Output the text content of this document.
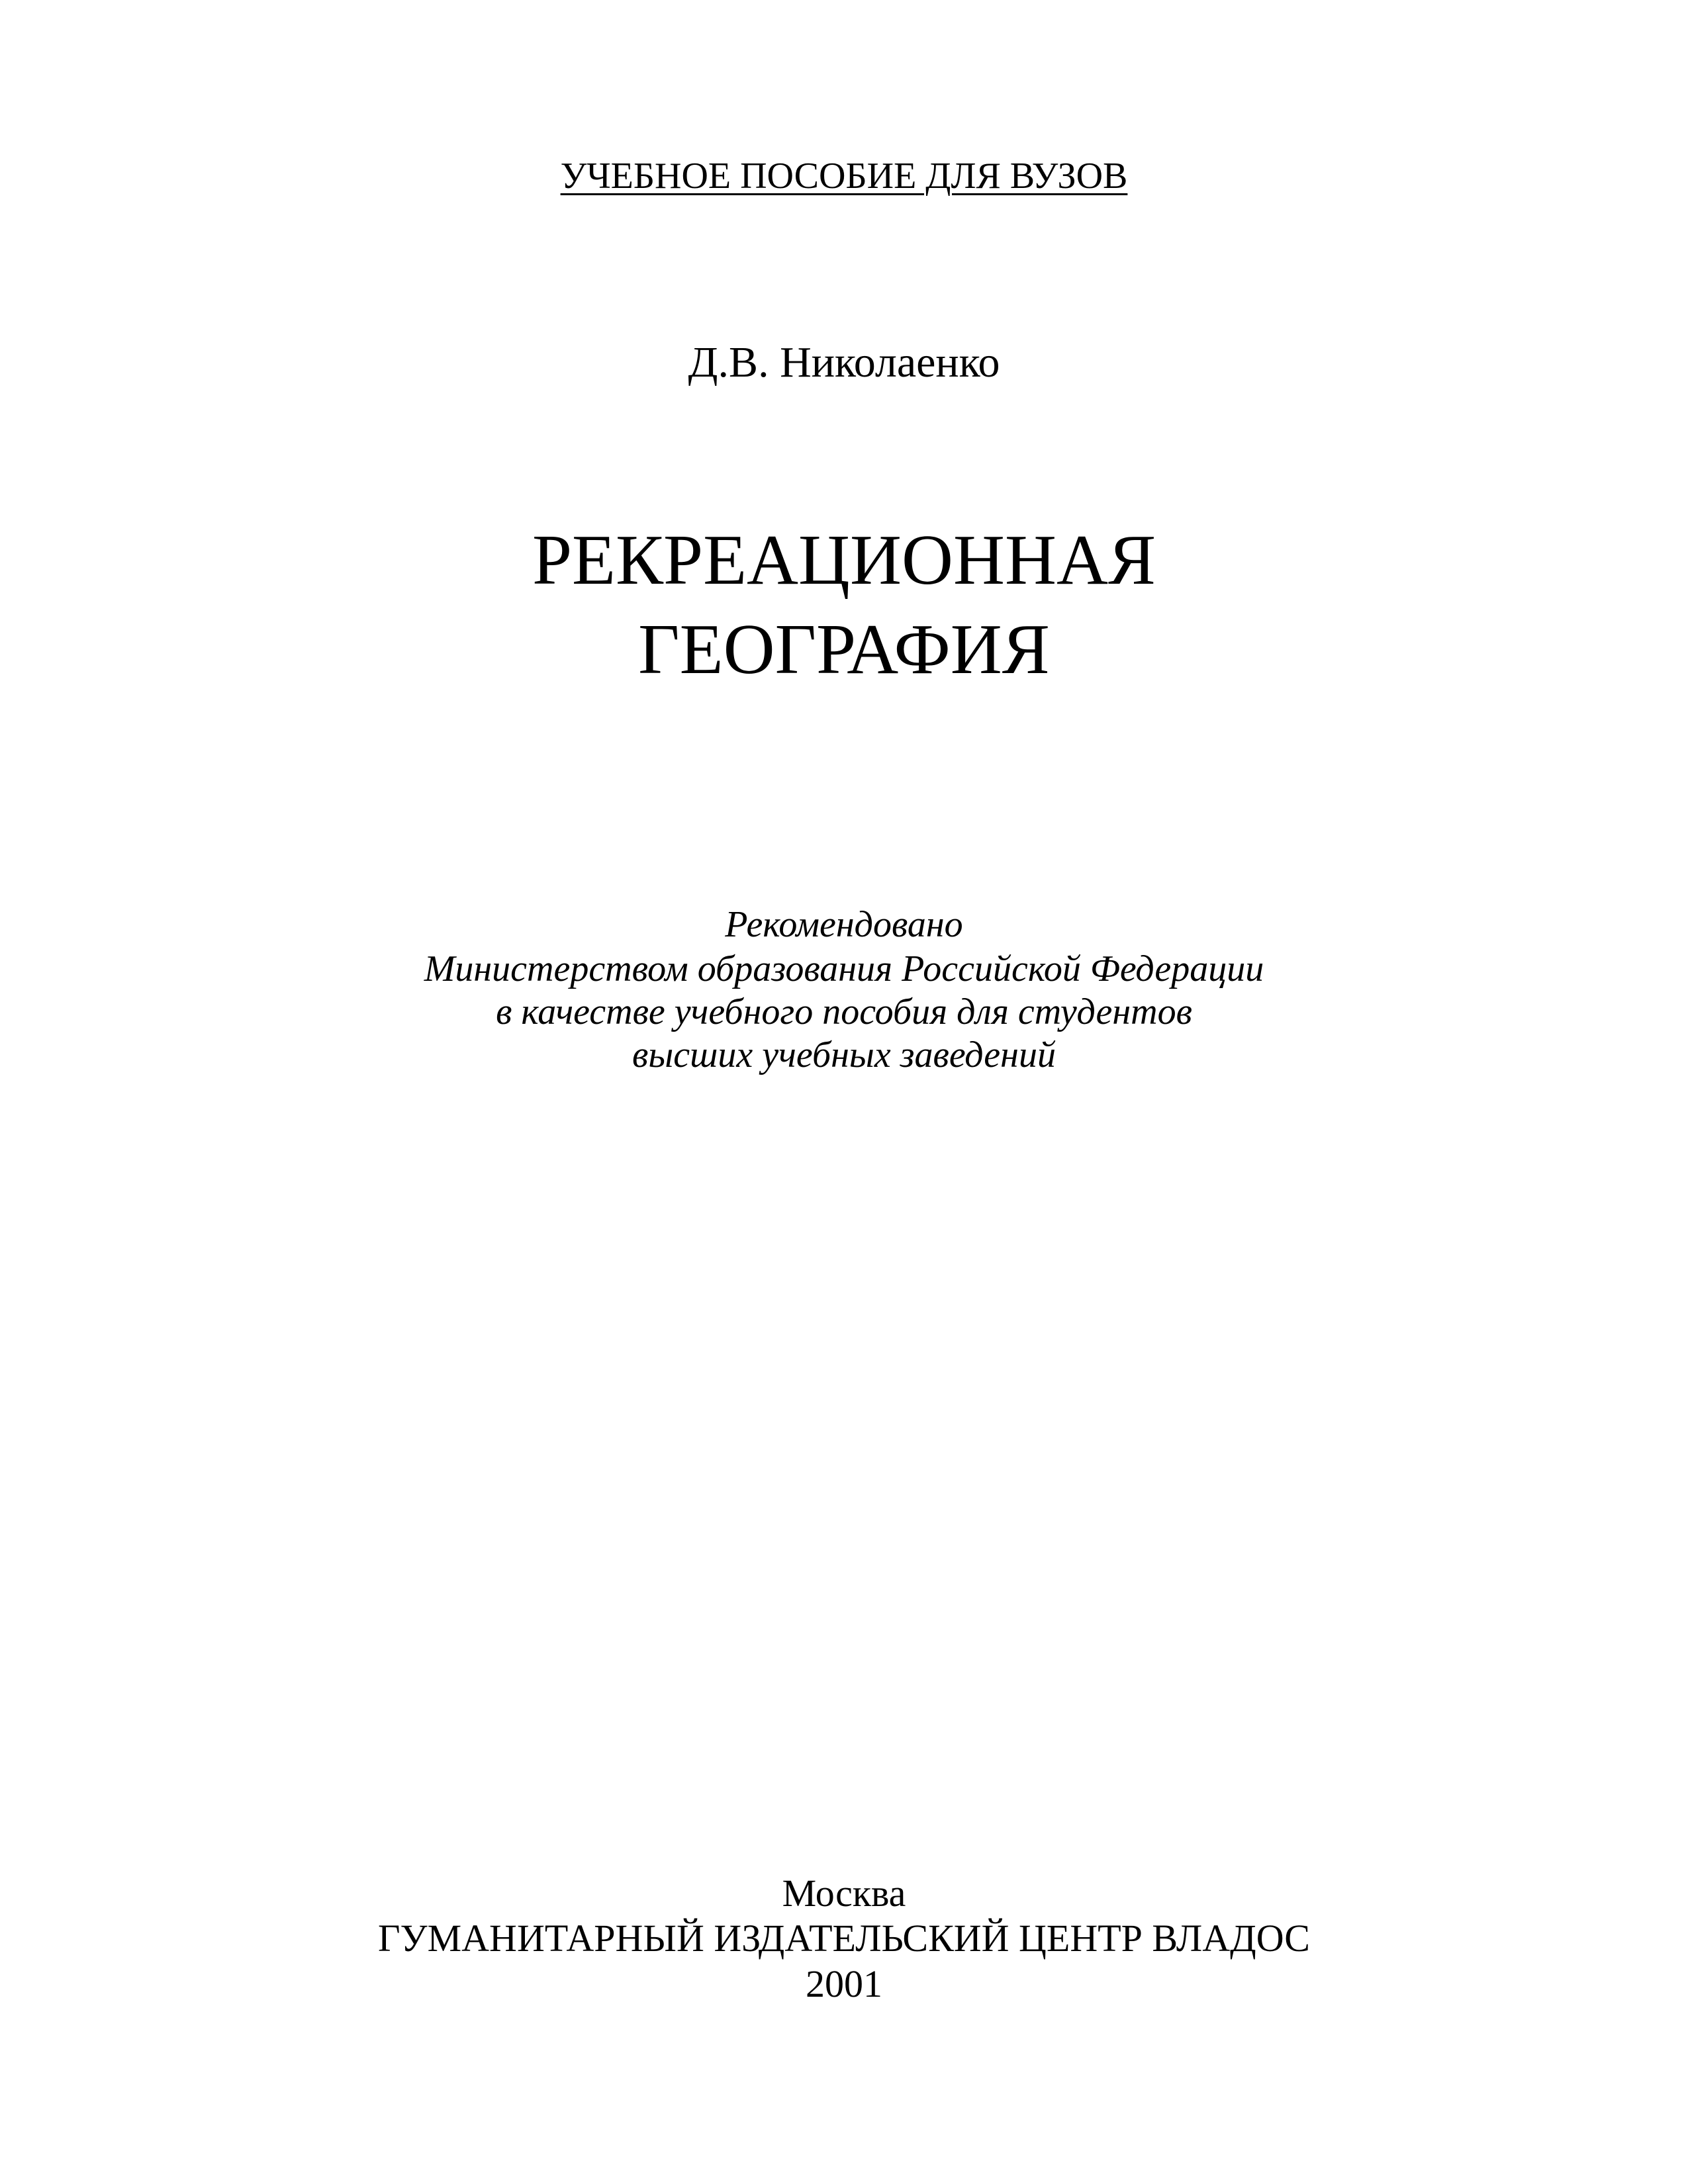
УЧЕБНОЕ ПОСОБИЕ ДЛЯ ВУЗОВ
Д.В. Николаенко
РЕКРЕАЦИОННАЯ
ГЕОГРАФИЯ
Рекомендовано
Министерством образования Российской Федерации
в качестве учебного пособия для студентов
высших учебных заведений
Москва
ГУМАНИТАРНЫЙ ИЗДАТЕЛЬСКИЙ ЦЕНТР ВЛАДОС
2001
